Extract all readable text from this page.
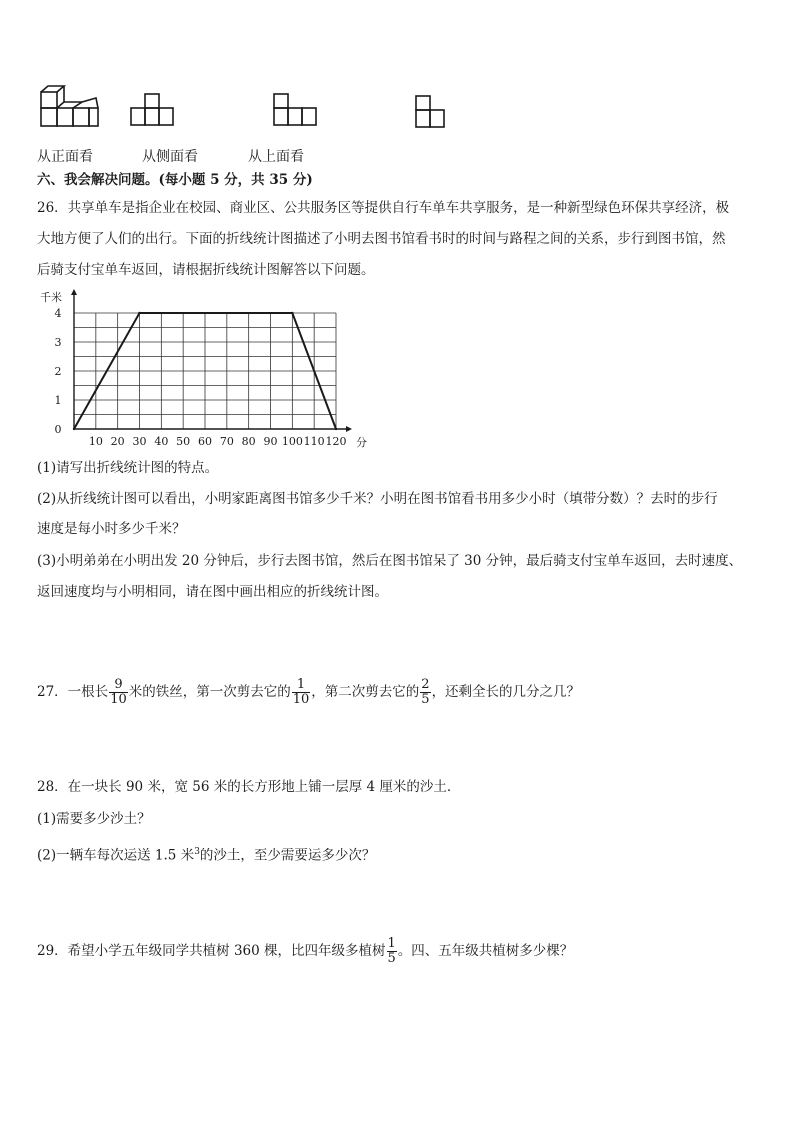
从正面看	从侧面看	从上面看
六、我会解决问题。(每小题 5 分，共 35 分)
26．共享单车是指企业在校园、商业区、公共服务区等提供自行车单车共享服务，是一种新型绿色环保共享经济，极
大地方便了人们的出行。下面的折线统计图描述了小明去图书馆看书时的时间与路程之间的关系，步行到图书馆，然
后骑支付宝单车返回，请根据折线统计图解答以下问题。
10 20 30 40 50 60 70 80 90 100 110 120
1
2
3
4
0
千米
分
(1)请写出折线统计图的特点。
(2)从折线统计图可以看出，小明家距离图书馆多少千米？小明在图书馆看书用多少小时（填带分数）？去时的步行
速度是每小时多少千米？
(3)小明弟弟在小明出发 20 分钟后，步行去图书馆，然后在图书馆呆了 30 分钟，最后骑支付宝单车返回，去时速度、
返回速度均与小明相同，请在图中画出相应的折线统计图。
27．一根长 $\frac{9}{10}$ 米的铁丝，第一次剪去它的 $\frac{1}{10}$ ，第二次剪去它的 $\frac{2}{5}$ ，还剩全长的几分之几？
28．在一块长 90 米，宽 56 米的长方形地上铺一层厚 4 厘米的沙土．
(1)需要多少沙土？
(2)一辆车每次运送 1.5 米$^3$的沙土，至少需要运多少次？
29．希望小学五年级同学共植树 360 棵，比四年级多植树 $\frac{1}{5}$ 。四、五年级共植树多少棵？
